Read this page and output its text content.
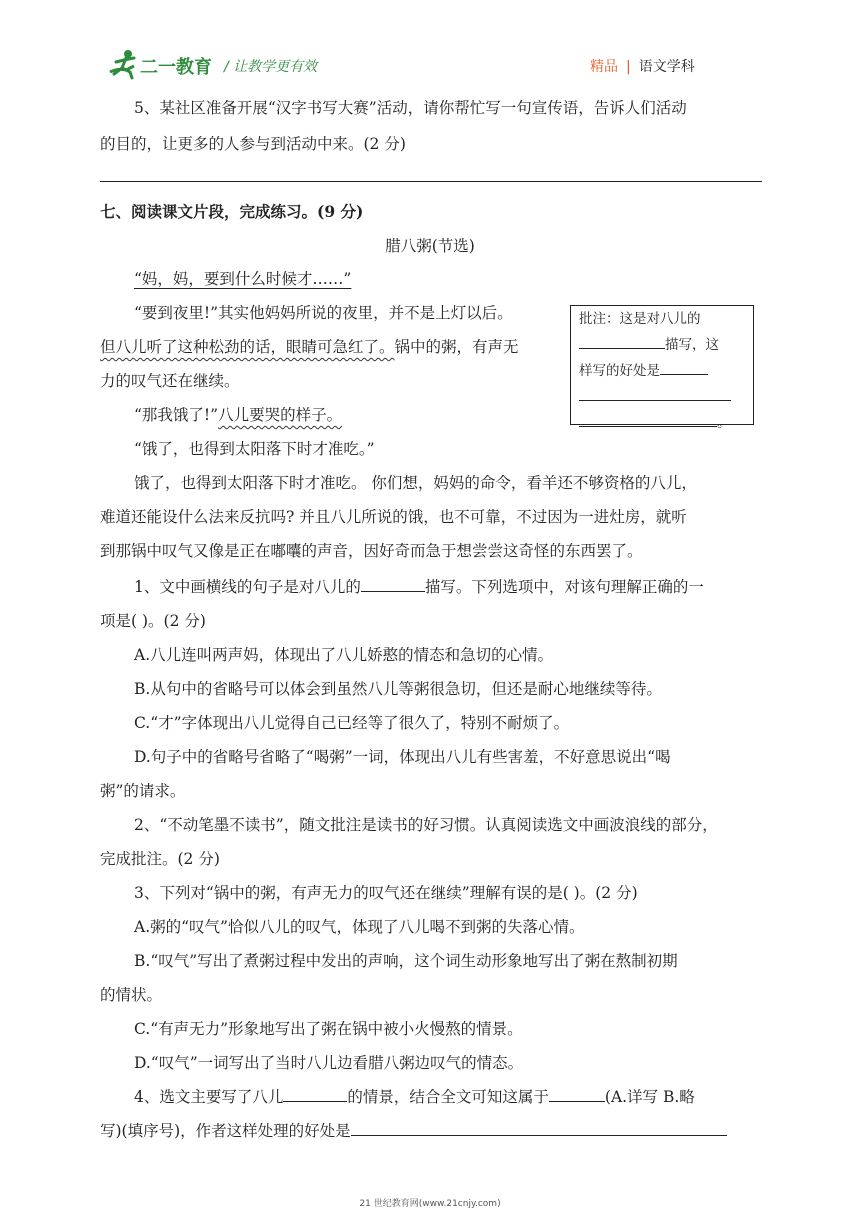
二一教育 / 让教学更有效	精品 | 语文学科
5、某社区准备开展“汉字书写大赛”活动，请你帮忙写一句宣传语，告诉人们活动
的目的，让更多的人参与到活动中来。(2 分)
七、阅读课文片段，完成练习。(9 分)
腊八粥(节选)
“妈，妈，要到什么时候才……”
“要到夜里!”其实他妈妈所说的夜里，并不是上灯以后。
但八儿听了这种松劲的话，眼睛可急红了。锅中的粥，有声无
力的叹气还在继续。
“那我饿了!”八儿要哭的样子。
“饿了，也得到太阳落下时才准吃。”
饿了，也得到太阳落下时才准吃。 你们想，妈妈的命令，看羊还不够资格的八儿，
难道还能设什么法来反抗吗? 并且八儿所说的饿，也不可靠，不过因为一进灶房，就听
到那锅中叹气又像是正在嘟囔的声音，因好奇而急于想尝尝这奇怪的东西罢了。
批注：这是对八儿的
描写，这
样写的好处是
。
1、文中画横线的句子是对八儿的	描写。下列选项中，对该句理解正确的一
项是( )。(2 分)
A.八儿连叫两声妈，体现出了八儿娇憨的情态和急切的心情。
B.从句中的省略号可以体会到虽然八儿等粥很急切，但还是耐心地继续等待。
C.“才”字体现出八儿觉得自己已经等了很久了，特别不耐烦了。
D.句子中的省略号省略了“喝粥”一词，体现出八儿有些害羞，不好意思说出“喝
粥”的请求。
2、“不动笔墨不读书”，随文批注是读书的好习惯。认真阅读选文中画波浪线的部分，
完成批注。(2 分)
3、下列对“锅中的粥，有声无力的叹气还在继续”理解有误的是( )。(2 分)
A.粥的“叹气”恰似八儿的叹气，体现了八儿喝不到粥的失落心情。
B.“叹气”写出了煮粥过程中发出的声响，这个词生动形象地写出了粥在熬制初期
的情状。
C.“有声无力”形象地写出了粥在锅中被小火慢熬的情景。
D.“叹气”一词写出了当时八儿边看腊八粥边叹气的情态。
4、选文主要写了八儿	的情景，结合全文可知这属于	(A.详写 B.略
写)(填序号)，作者这样处理的好处是
21 世纪教育网(www.21cnjy.com)
